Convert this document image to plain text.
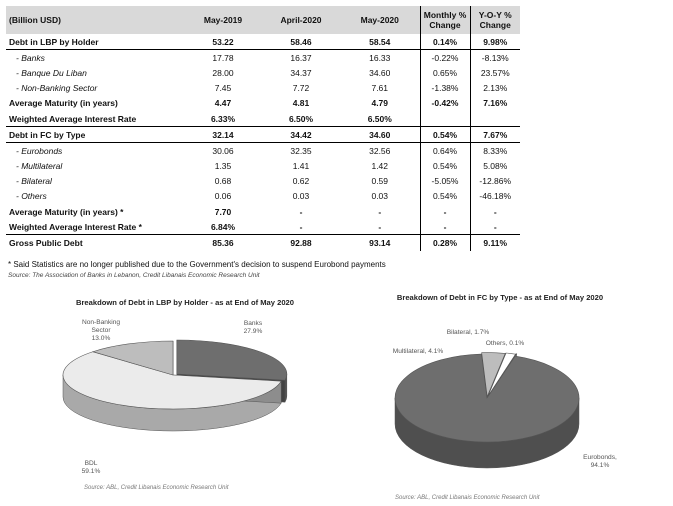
(Billion USD)	May-2019	April-2020	May-2020	Monthly % Change	Y-O-Y % Change
Debt in LBP by Holder	53.22	58.46	58.54	0.14%	9.98%
- Banks	17.78	16.37	16.33	-0.22%	-8.13%
- Banque Du Liban	28.00	34.37	34.60	0.65%	23.57%
- Non-Banking Sector	7.45	7.72	7.61	-1.38%	2.13%
Average Maturity (in years)	4.47	4.81	4.79	-0.42%	7.16%
Weighted Average Interest Rate	6.33%	6.50%	6.50%		
Debt in FC by Type	32.14	34.42	34.60	0.54%	7.67%
- Eurobonds	30.06	32.35	32.56	0.64%	8.33%
- Multilateral	1.35	1.41	1.42	0.54%	5.08%
- Bilateral	0.68	0.62	0.59	-5.05%	-12.86%
- Others	0.06	0.03	0.03	0.54%	-46.18%
Average Maturity (in years) *	7.70	-	-	-	-
Weighted Average Interest Rate *	6.84%	-	-	-	-
Gross Public Debt	85.36	92.88	93.14	0.28%	9.11%
* Said Statistics are no longer published due to the Government's decision to suspend Eurobond payments
Source: The Association of Banks in Lebanon, Credit Libanais Economic Research Unit
Breakdown of Debt in LBP by Holder - as at End of May 2020
Banks 27.9%
BDL 59.1%
Non-Banking Sector 13.0%
Source: ABL, Credit Libanais Economic Research Unit
Breakdown of Debt in FC by Type - as at End of May 2020
Eurobonds, 94.1%
Multilateral, 4.1%
Bilateral, 1.7%
Others, 0.1%
Source: ABL, Credit Libanais Economic Research Unit
